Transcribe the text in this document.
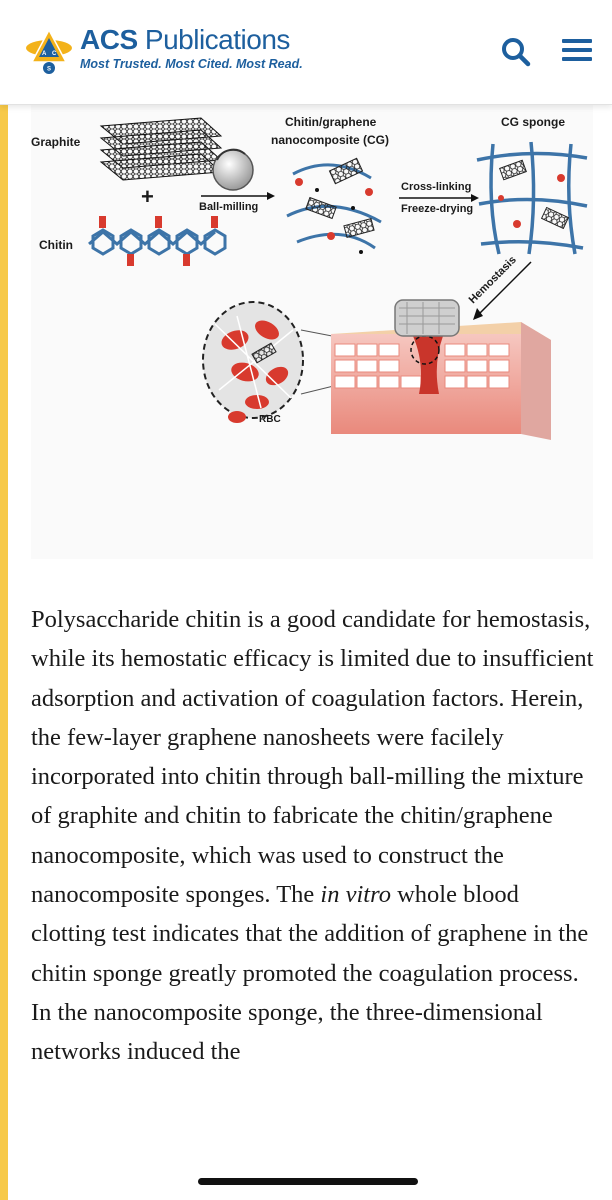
A C
S
ACS Publications
Most Trusted. Most Cited. Most Read.
Graphite
+
Chitin
Ball-milling
Chitin/graphene
nanocomposite (CG)
Cross-linking
Freeze-drying
CG sponge
Hemostasis
RBC

Polysaccharide chitin is a good candidate for hemostasis, while its hemostatic efficacy is limited due to insufficient adsorption and activation of coagulation factors. Herein, the few-layer graphene nanosheets were facilely incorporated into chitin through ball-milling the mixture of graphite and chitin to fabricate the chitin/graphene nanocomposite, which was used to construct the nanocomposite sponges. The in vitro whole blood clotting test indicates that the addition of graphene in the chitin sponge greatly promoted the coagulation process. In the nanocomposite sponge, the three-dimensional networks induced the
